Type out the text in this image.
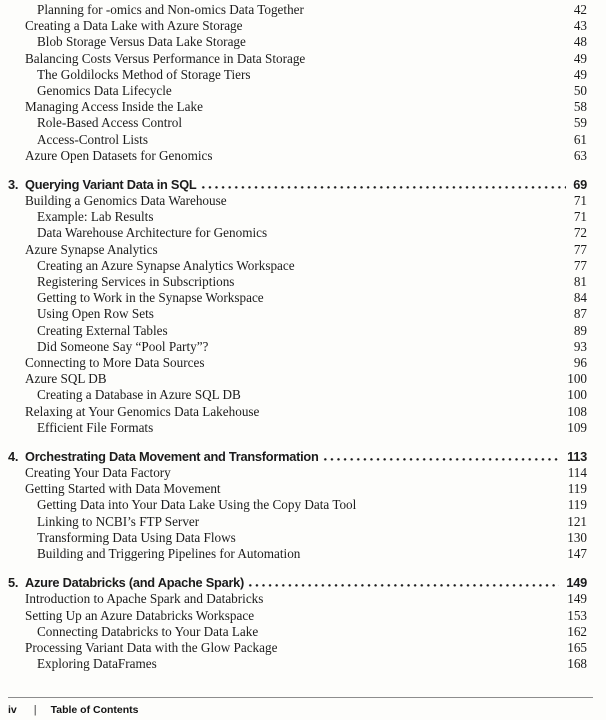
Planning for -omics and Non-omics Data Together	42
Creating a Data Lake with Azure Storage	43
Blob Storage Versus Data Lake Storage	48
Balancing Costs Versus Performance in Data Storage	49
The Goldilocks Method of Storage Tiers	49
Genomics Data Lifecycle	50
Managing Access Inside the Lake	58
Role-Based Access Control	59
Access-Control Lists	61
Azure Open Datasets for Genomics	63
3. Querying Variant Data in SQL	69
Building a Genomics Data Warehouse	71
Example: Lab Results	71
Data Warehouse Architecture for Genomics	72
Azure Synapse Analytics	77
Creating an Azure Synapse Analytics Workspace	77
Registering Services in Subscriptions	81
Getting to Work in the Synapse Workspace	84
Using Open Row Sets	87
Creating External Tables	89
Did Someone Say “Pool Party”?	93
Connecting to More Data Sources	96
Azure SQL DB	100
Creating a Database in Azure SQL DB	100
Relaxing at Your Genomics Data Lakehouse	108
Efficient File Formats	109
4. Orchestrating Data Movement and Transformation	113
Creating Your Data Factory	114
Getting Started with Data Movement	119
Getting Data into Your Data Lake Using the Copy Data Tool	119
Linking to NCBI’s FTP Server	121
Transforming Data Using Data Flows	130
Building and Triggering Pipelines for Automation	147
5. Azure Databricks (and Apache Spark)	149
Introduction to Apache Spark and Databricks	149
Setting Up an Azure Databricks Workspace	153
Connecting Databricks to Your Data Lake	162
Processing Variant Data with the Glow Package	165
Exploring DataFrames	168
iv | Table of Contents
